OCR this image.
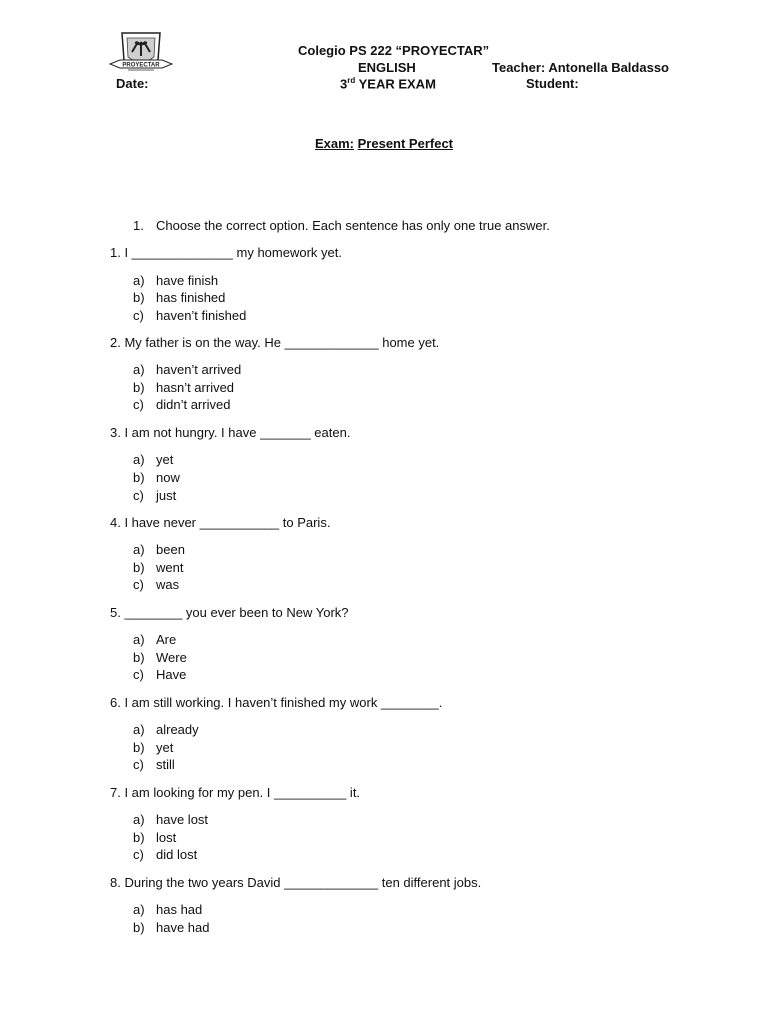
PROYECTAR
Colegio PS 222 “PROYECTAR”
ENGLISH	Teacher: Antonella Baldasso
Date:	3rd YEAR EXAM	Student:
Exam: Present Perfect
1. Choose the correct option. Each sentence has only one true answer.
1. I ______________ my homework yet.
a) have finish
b) has finished
c) haven’t finished
2. My father is on the way. He _____________ home yet.
a) haven’t arrived
b) hasn’t arrived
c) didn’t arrived
3. I am not hungry. I have _______ eaten.
a) yet
b) now
c) just
4. I have never ___________ to Paris.
a) been
b) went
c) was
5. ________ you ever been to New York?
a) Are
b) Were
c) Have
6. I am still working. I haven’t finished my work ________.
a) already
b) yet
c) still
7. I am looking for my pen. I __________ it.
a) have lost
b) lost
c) did lost
8. During the two years David _____________ ten different jobs.
a) has had
b) have had
